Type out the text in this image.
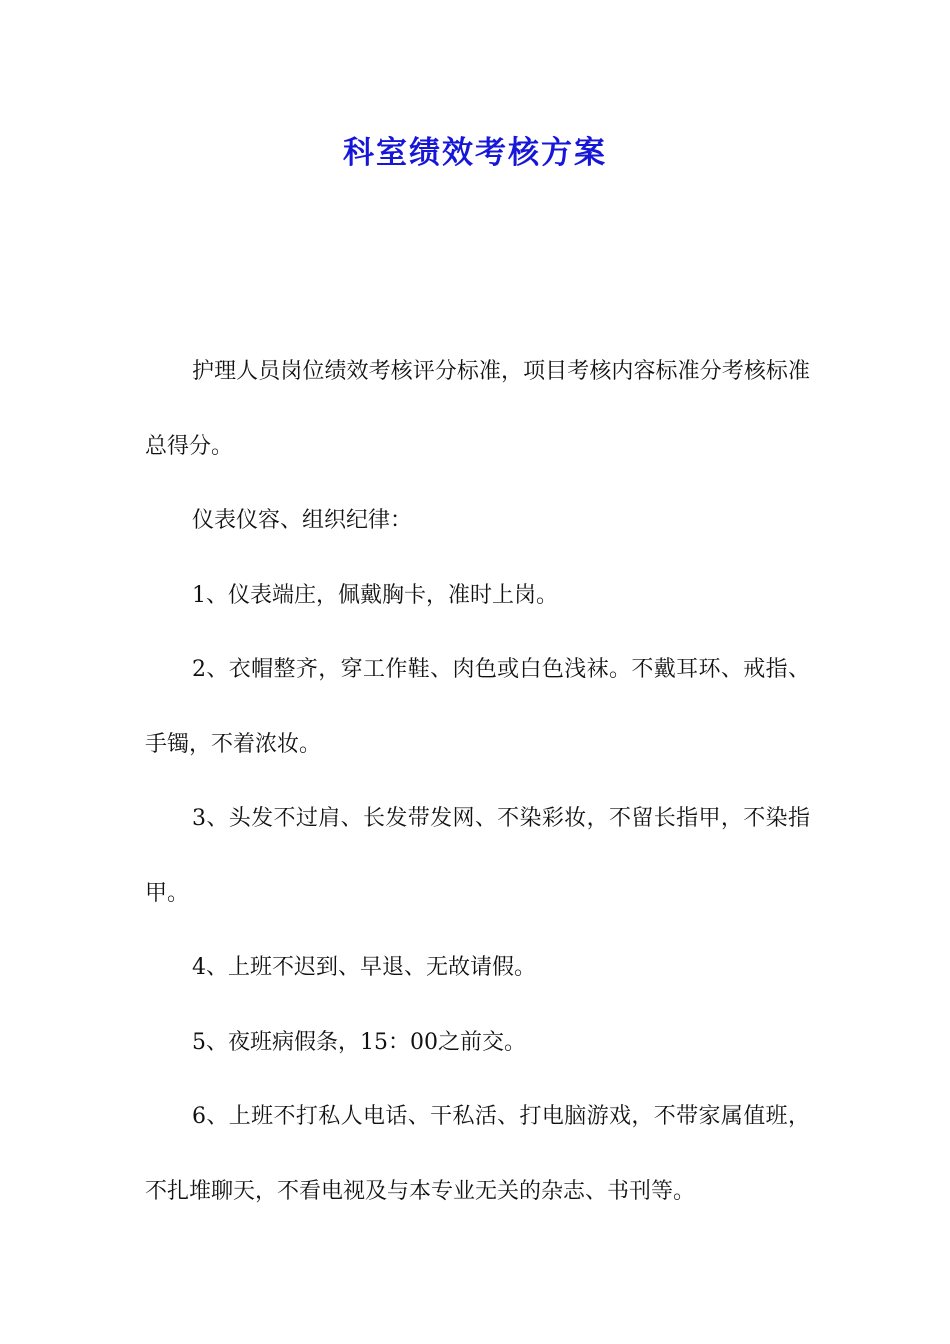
科室绩效考核方案

护理人员岗位绩效考核评分标准，项目考核内容标准分考核标准总得分。

仪表仪容、组织纪律：

1、仪表端庄，佩戴胸卡，准时上岗。

2、衣帽整齐，穿工作鞋、肉色或白色浅袜。不戴耳环、戒指、手镯，不着浓妆。

3、头发不过肩、长发带发网、不染彩妆，不留长指甲，不染指甲。

4、上班不迟到、早退、无故请假。

5、夜班病假条，15：00之前交。

6、上班不打私人电话、干私活、打电脑游戏，不带家属值班，不扎堆聊天，不看电视及与本专业无关的杂志、书刊等。
